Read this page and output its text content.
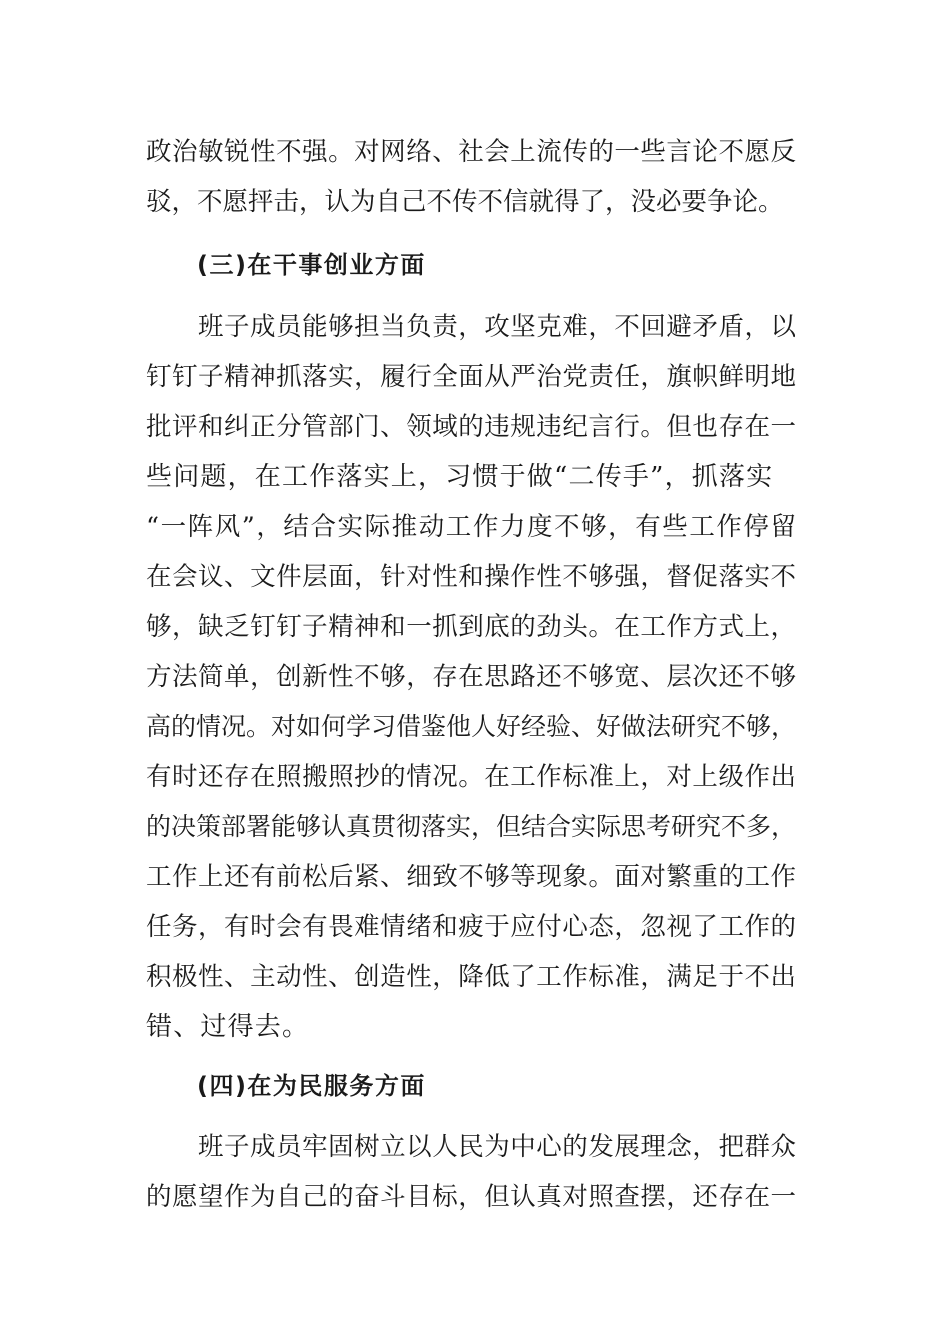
政治敏锐性不强。对网络、社会上流传的一些言论不愿反
驳，不愿抨击，认为自己不传不信就得了，没必要争论。
(三)在干事创业方面
班子成员能够担当负责，攻坚克难，不回避矛盾，以
钉钉子精神抓落实，履行全面从严治党责任，旗帜鲜明地
批评和纠正分管部门、领域的违规违纪言行。但也存在一
些问题，在工作落实上，习惯于做“二传手”，抓落实
“一阵风”，结合实际推动工作力度不够，有些工作停留
在会议、文件层面，针对性和操作性不够强，督促落实不
够，缺乏钉钉子精神和一抓到底的劲头。在工作方式上，
方法简单，创新性不够，存在思路还不够宽、层次还不够
高的情况。对如何学习借鉴他人好经验、好做法研究不够，
有时还存在照搬照抄的情况。在工作标准上，对上级作出
的决策部署能够认真贯彻落实，但结合实际思考研究不多，
工作上还有前松后紧、细致不够等现象。面对繁重的工作
任务，有时会有畏难情绪和疲于应付心态，忽视了工作的
积极性、主动性、创造性，降低了工作标准，满足于不出
错、过得去。
(四)在为民服务方面
班子成员牢固树立以人民为中心的发展理念，把群众
的愿望作为自己的奋斗目标，但认真对照查摆，还存在一
